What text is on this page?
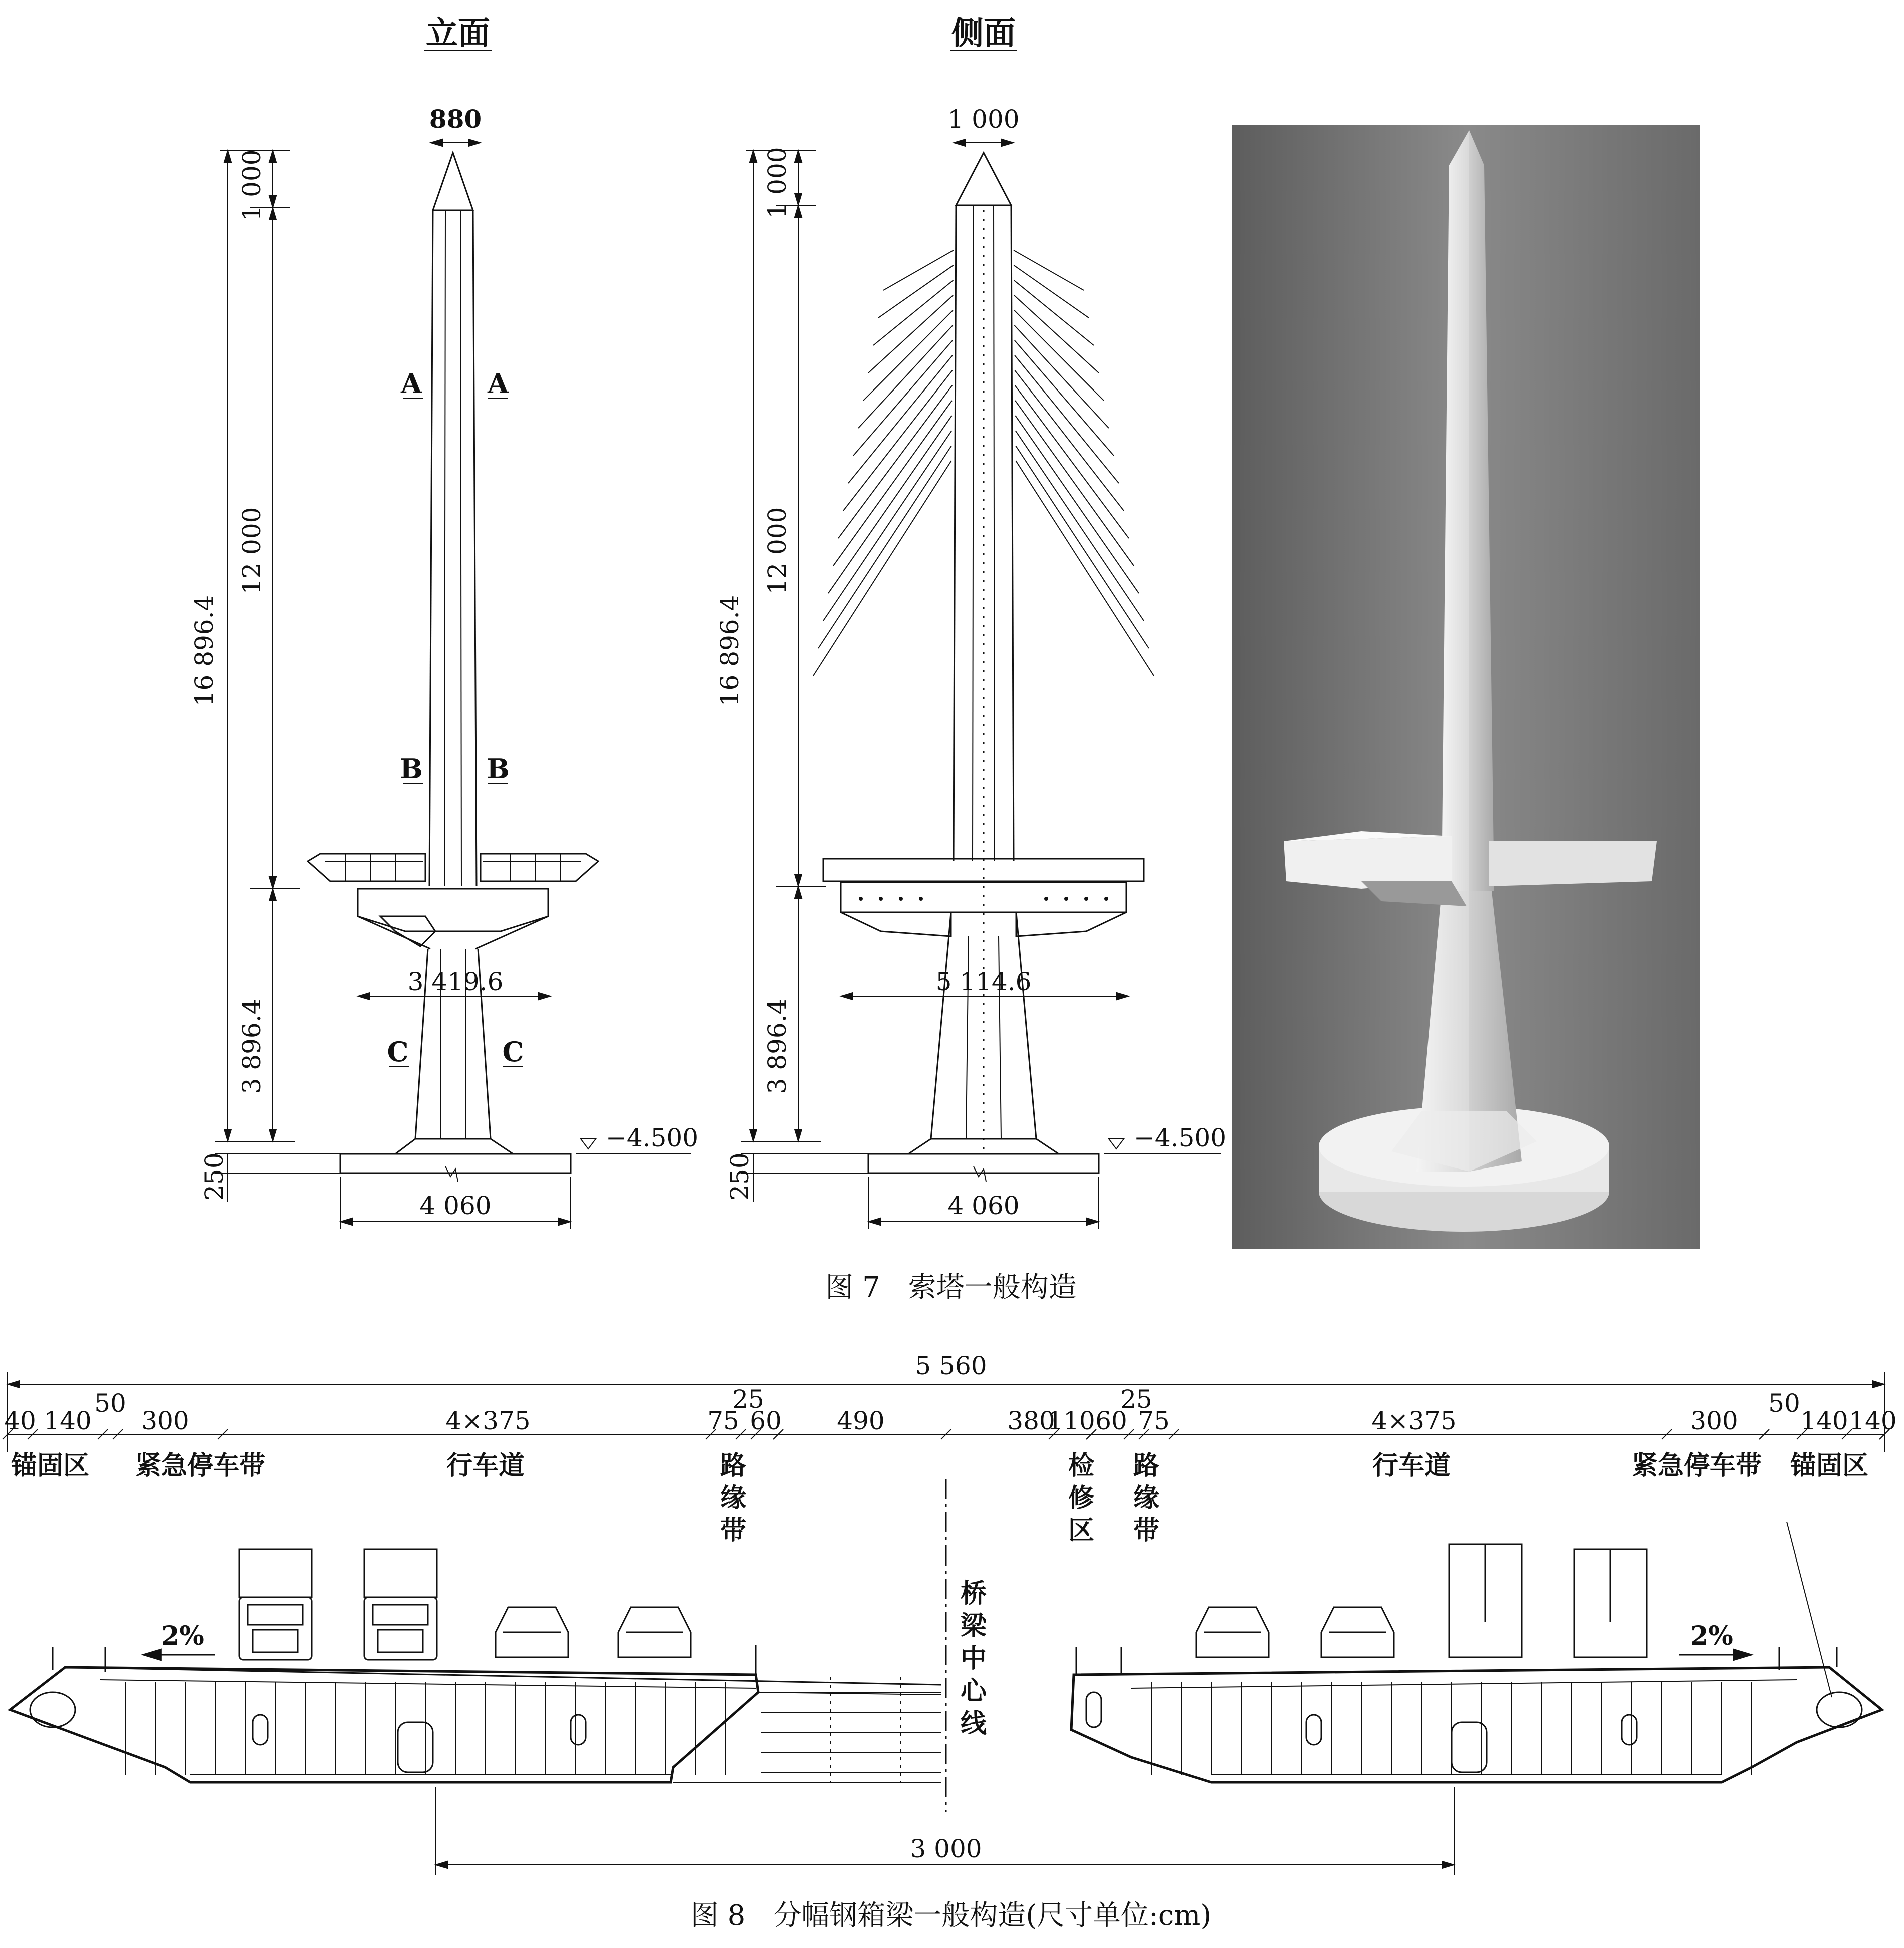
立面
880
3 419.6
4 060
−4.500
A A
B B
C	C
16 896.4
1 000
12 000
3 896.4
250
侧面
1 000
5 114.6
4 060
−4.500
16 896.4
1 000
12 000
3 896.4
250
图 7　索塔一般构造
5 560
40 140
50
300	4×375	75
25
60 490	380
110 60
25
75	4×375	300
50
140 140
锚固区 紧急停车带	行车道	路
缘
带
检
修
区
路
缘
带
行车道	紧急停车带 锚固区
桥
梁
中
心
线
2%	2%
3 000
图 8　分幅钢箱梁一般构造(尺寸单位:cm)
